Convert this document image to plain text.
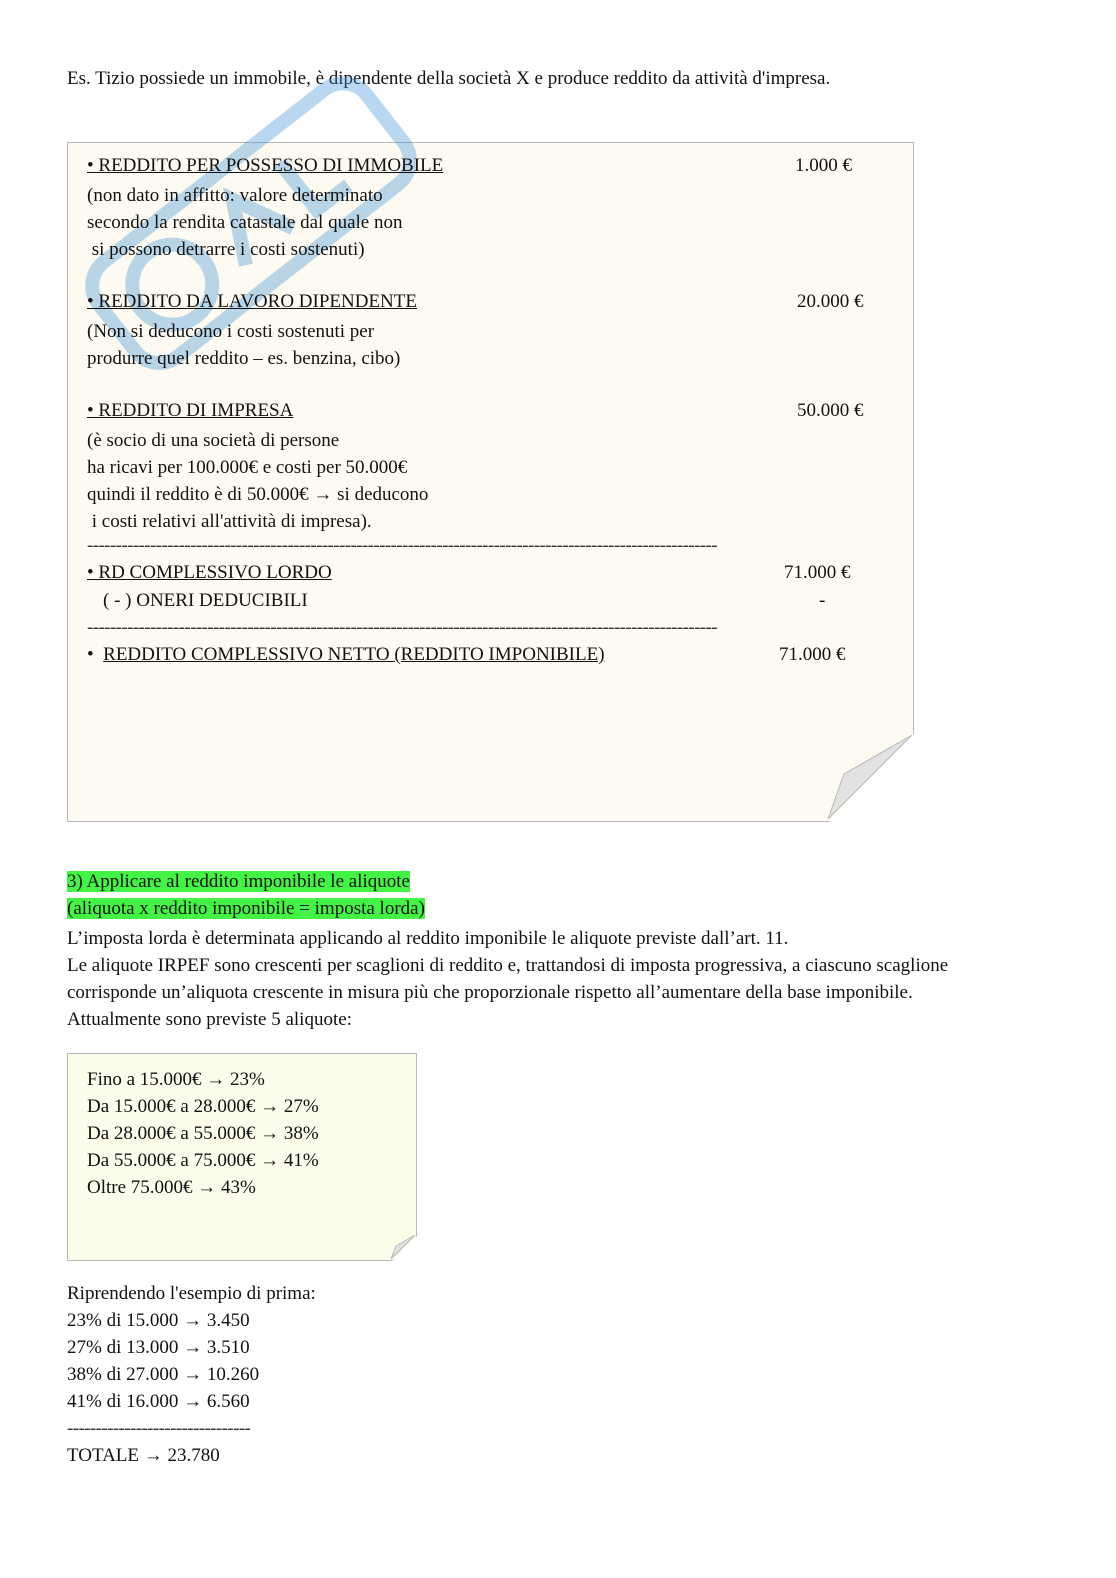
Es. Tizio possiede un immobile, è dipendente della società X e produce reddito da attività d'impresa.
• REDDITO PER POSSESSO DI IMMOBILE	1.000 €
(non dato in affitto: valore determinato
secondo la rendita catastale dal quale non
si possono detrarre i costi sostenuti)
• REDDITO DA LAVORO DIPENDENTE	20.000 €
(Non si deducono i costi sostenuti per
produrre quel reddito – es. benzina, cibo)
• REDDITO DI IMPRESA	50.000 €
(è socio di una società di persone
ha ricavi per 100.000€ e costi per 50.000€
quindi il reddito è di 50.000€ → si deducono
i costi relativi all'attività di impresa).
--------------------------------------------------------------------------------------------------------------
• RD COMPLESSIVO LORDO	71.000 €
( - ) ONERI DEDUCIBILI	-
--------------------------------------------------------------------------------------------------------------
•  REDDITO COMPLESSIVO NETTO (REDDITO IMPONIBILE)	71.000 €
3) Applicare al reddito imponibile le aliquote
(aliquota x reddito imponibile = imposta lorda)
L’imposta lorda è determinata applicando al reddito imponibile le aliquote previste dall’art. 11.
Le aliquote IRPEF sono crescenti per scaglioni di reddito e, trattandosi di imposta progressiva, a ciascuno scaglione
corrisponde un’aliquota crescente in misura più che proporzionale rispetto all’aumentare della base imponibile.
Attualmente sono previste 5 aliquote:
Fino a 15.000€ → 23%
Da 15.000€ a 28.000€ → 27%
Da 28.000€ a 55.000€ → 38%
Da 55.000€ a 75.000€ → 41%
Oltre 75.000€ → 43%
Riprendendo l'esempio di prima:
23% di 15.000 → 3.450
27% di 13.000 → 3.510
38% di 27.000 → 10.260
41% di 16.000 → 6.560
--------------------------------
TOTALE → 23.780
